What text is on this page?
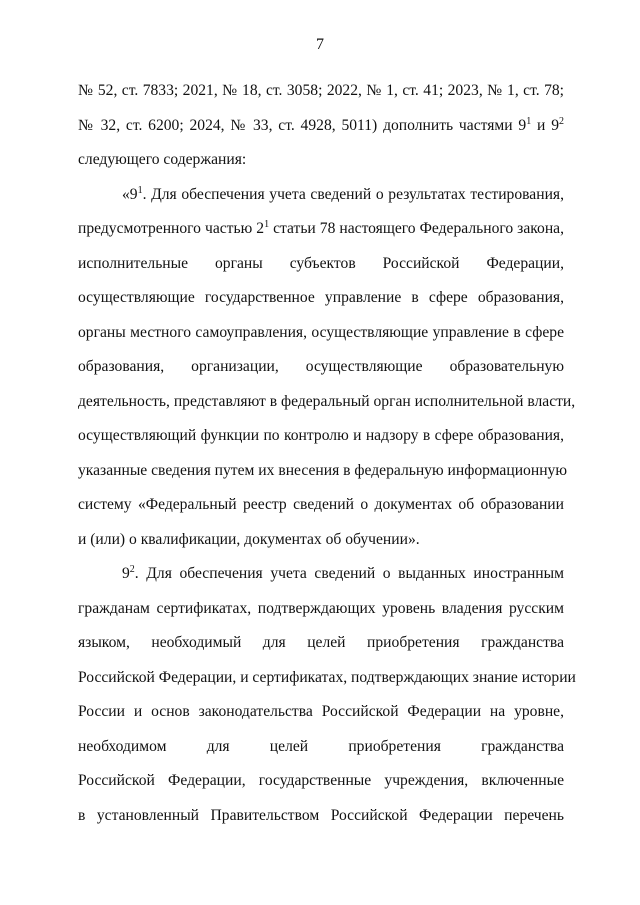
7
№ 52, ст. 7833; 2021, № 18, ст. 3058; 2022, № 1, ст. 41; 2023, № 1, ст. 78;
№ 32, ст. 6200; 2024, № 33, ст. 4928, 5011) дополнить частями $9^1$ и $9^2$
следующего содержания:
«$9^1$. Для обеспечения учета сведений о результатах тестирования,
предусмотренного частью $2^1$ статьи 78 настоящего Федерального закона,
исполнительные органы субъектов Российской Федерации,
осуществляющие государственное управление в сфере образования,
органы местного самоуправления, осуществляющие управление в сфере
образования, организации, осуществляющие образовательную
деятельность, представляют в федеральный орган исполнительной власти,
осуществляющий функции по контролю и надзору в сфере образования,
указанные сведения путем их внесения в федеральную информационную
систему «Федеральный реестр сведений о документах об образовании
и (или) о квалификации, документах об обучении».
$9^2$. Для обеспечения учета сведений о выданных иностранным
гражданам сертификатах, подтверждающих уровень владения русским
языком, необходимый для целей приобретения гражданства
Российской Федерации, и сертификатах, подтверждающих знание истории
России и основ законодательства Российской Федерации на уровне,
необходимом для целей приобретения гражданства
Российской Федерации, государственные учреждения, включенные
в установленный Правительством Российской Федерации перечень
